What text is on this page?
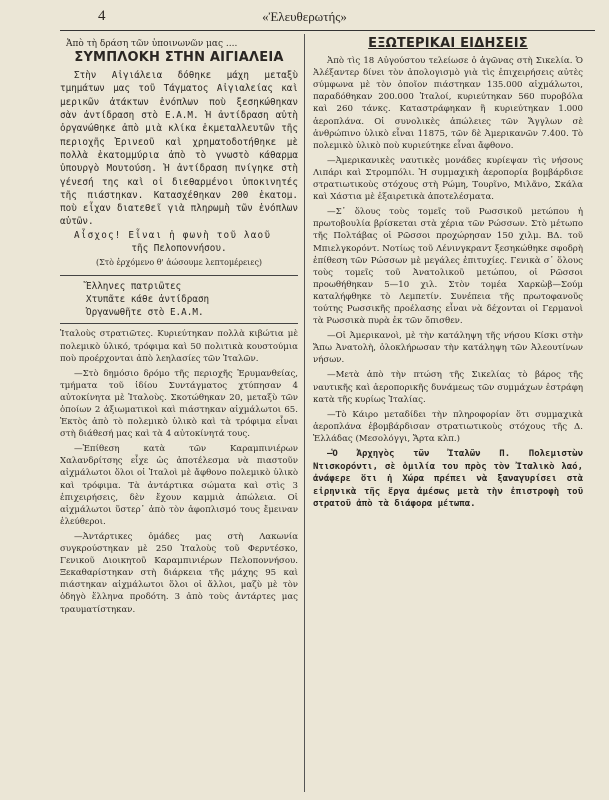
4	«Ἐλευθερωτής»
Ἀπὸ τὴ δράση τῶν ὑποινωνῶν μας ....
ΣΥΜΠΛΟΚΗ ΣΤΗΝ ΑΙΓΙΑΛΕΙΑ

Στὴν Αἰγιάλεια δόθηκε μάχη μεταξὺ τμημάτων μας τοῦ Τάγματος Αἰγιαλείας καὶ μερικῶν ἀτάκτων ἐνόπλων ποὺ ξεσηκώθηκαν σὰν ἀντίδραση στὸ Ε.Α.Μ. Ἡ ἀντίδραση αὐτὴ ὀργανώθηκε ἀπὸ μιὰ κλίκα ἐκμεταλλευτῶν τῆς περιοχῆς Ἐρινεοῦ καὶ χρηματοδοτήθηκε μὲ πολλὰ ἑκατομμύρια ἀπὸ τὸ γνωστὸ κάθαρμα ὑπουργὸ Μουτούση. Ἡ ἀντίδραση πνίγηκε στὴ γένεσή της καὶ οἱ διεθαρμένοι ὑποκινητές τῆς πιάστηκαν. Κατασχέθηκαν 200 ἑκατομ. ποὺ εἶχαν διατεθεῖ γιὰ πληρωμὴ τῶν ἐνόπλων αὐτῶν.

Αἶσχος! Εἶναι ἡ φωνὴ τοῦ λαοῦ

τῆς Πελοποννήσου.

(Στὸ ἐρχόμενο θ' ἀώσουμε λεπτομέρειες)
Ἕλληνες πατριῶτες
Χτυπᾶτε κάθε ἀντίδραση
Ὀργανωθῆτε στὸ Ε.Α.Μ.

Ἰταλοὺς στρατιῶτες. Κυριεύτηκαν πολλὰ κιβώτια μὲ πολεμικὸ ὑλικό, τρόφιμα καὶ 50 πολιτικὰ κουστούμια ποὺ προέρχονται ἀπὸ λεηλασίες τῶν Ἰταλῶν.

—Στὸ δημόσιο δρόμο τῆς περιοχῆς Ἐρυμανθείας, τμήματα τοῦ ἰδίου Συντάγματος χτύπησαν 4 αὐτοκίνητα μὲ Ἰταλοὺς. Σκοτώθηκαν 20, μεταξὺ τῶν ὁποίων 2 ἀξιωματικοὶ καὶ πιάστηκαν αἰχμάλωτοι 65. Ἐκτὸς ἀπὸ τὸ πολεμικὸ ὑλικὸ καὶ τὰ τρόφιμα εἶναι στὴ διάθεσή μας καὶ τὰ 4 αὐτοκίνητά τους.

—Ἐπίθεση κατὰ τῶν Καραμπινιέρων Χαλανδρίτσης εἶχε ὡς ἀποτέλεσμα νὰ πιαστοῦν αἰχμάλωτοι ὅλοι οἱ Ἰταλοὶ μὲ ἄφθονο πολεμικὸ ὑλικὸ καὶ τρόφιμα. Τὰ ἀντάρτικα σώματα καὶ στὶς 3 ἐπιχειρήσεις, δὲν ἔχουν καμμιὰ ἀπώλεια. Οἱ αἰχμάλωτοι ὕστερ᾿ ἀπὸ τὸν ἀφοπλισμό τους ἔμειναν ἐλεύθεροι.

—Ἀντάρτικες ὁμάδες μας στὴ Λακωνία συγκρούστηκαν μὲ 250 Ἰταλοὺς τοῦ Φερντέσκο, Γενικοῦ Διοικητοῦ Καραμπινιέρων Πελοποννήσου. Ξεκαθαρίστηκαν στὴ διάρκεια τῆς μάχης 95 καὶ πιάστηκαν αἰχμάλωτοι ὅλοι οἱ ἄλλοι, μαζὺ μὲ τὸν ὁδηγὸ ἕλληνα προδότη. 3 ἀπὸ τοὺς ἀντάρτες μας τραυματίστηκαν.

ΕΞΩΤΕΡΙΚΑΙ ΕΙΔΗΣΕΙΣ

Ἀπὸ τὶς 18 Αὐγούστου τελείωσε ὁ ἀγῶνας στὴ Σικελία. Ὁ Ἀλέξαντερ δίνει τὸν ἀπολογισμὸ γιὰ τὶς ἐπιχειρήσεις αὐτὲς σύμφωνα μὲ τὸν ὁποῖον πιάστηκαν 135.000 αἰχμάλωτοι, παραδόθηκαν 200.000 Ἰταλοί, κυριεύτηκαν 560 πυροβόλα καὶ 260 τάνκς. Καταστράφηκαν ἢ κυριεύτηκαν 1.000 ἀεροπλάνα. Οἱ συνολικὲς ἀπώλειες τῶν Ἄγγλων σὲ ἀνθρώπινο ὑλικὸ εἶναι 11875, τῶν δὲ Ἀμερικανῶν 7.400. Τὸ πολεμικὸ ὑλικὸ ποὺ κυριεύτηκε εἶναι ἄφθονο.

—Ἀμερικανικὲς ναυτικὲς μονάδες κυρίεψαν τὶς νήσους Λιπάρι καὶ Στρομπόλι. Ἡ συμμαχικὴ ἀεροπορία βομβάρδισε στρατιωτικοὺς στόχους στὴ Ρώμη, Τουρῖνο, Μιλᾶνο, Σκάλα καὶ Χάστια μὲ ἐξαιρετικὰ ἀποτελέσματα.

—Σ᾿ ὅλους τοὺς τομεῖς τοῦ Ρωσσικοῦ μετώπου ἡ πρωτοβουλία βρίσκεται στὰ χέρια τῶν Ρώσσων. Στὸ μέτωπο τῆς Πολτάβας οἱ Ρῶσσοι προχώρησαν 150 χιλμ. ΒΔ. τοῦ Μπιελγκορόντ. Νοτίως τοῦ Λένινγκραντ ξεσηκώθηκε σφοδρὴ ἐπίθεση τῶν Ρώσσων μὲ μεγάλες ἐπιτυχίες. Γενικὰ σ᾿ ὅλους τοὺς τομεῖς τοῦ Ἀνατολικοῦ μετώπου, οἱ Ρῶσσοι προωθήθηκαν 5—10 χιλ. Στὸν τομέα Χαρκὼβ—Σούμ καταλήφθηκε τὸ Λεμπετίν. Συνέπεια τῆς πρωτοφανοῦς τούτης Ρωσσικῆς προέλασης εἶναι νὰ δέχονται οἱ Γερμανοὶ τὰ Ρωσσικὰ πυρὰ ἐκ τῶν ὄπισθεν.

—Οἱ Ἀμερικανοὶ, μὲ τὴν κατάληψη τῆς νήσου Κίσκι στὴν Ἄπω Ἀνατολὴ, ὁλοκλήρωσαν τὴν κατάληψη τῶν Ἀλεουτίνων νήσων.

—Μετὰ ἀπὸ τὴν πτώση τῆς Σικελίας τὸ βάρος τῆς ναυτικῆς καὶ ἀεροπορικῆς δυνάμεως τῶν συμμάχων ἐστράφη κατὰ τῆς κυρίως Ἰταλίας.

—Τὸ Κάιρο μεταδίδει τὴν πληροφορίαν ὅτι συμμαχικὰ ἀεροπλάνα ἐβομβάρδισαν στρατιωτικοὺς στόχους τῆς Δ. Ἑλλάδας (Μεσολόγγι, Ἄρτα κλπ.)

—Ὁ Ἀρχηγὸς τῶν Ἰταλῶν Π. Πολεμιστὼν Ντισκορόντι, σὲ ὁμιλία του πρὸς τὸν Ἰταλικὸ λαό, ἀνάφερε ὅτι ἡ Χώρα πρέπει νὰ ξαναγυρίσει στὰ εἰρηνικὰ τῆς ἔργα ἀμέσως μετὰ τὴν ἐπιστροφὴ τοῦ στρατοῦ ἀπὸ τὰ διάφορα μέτωπα.
